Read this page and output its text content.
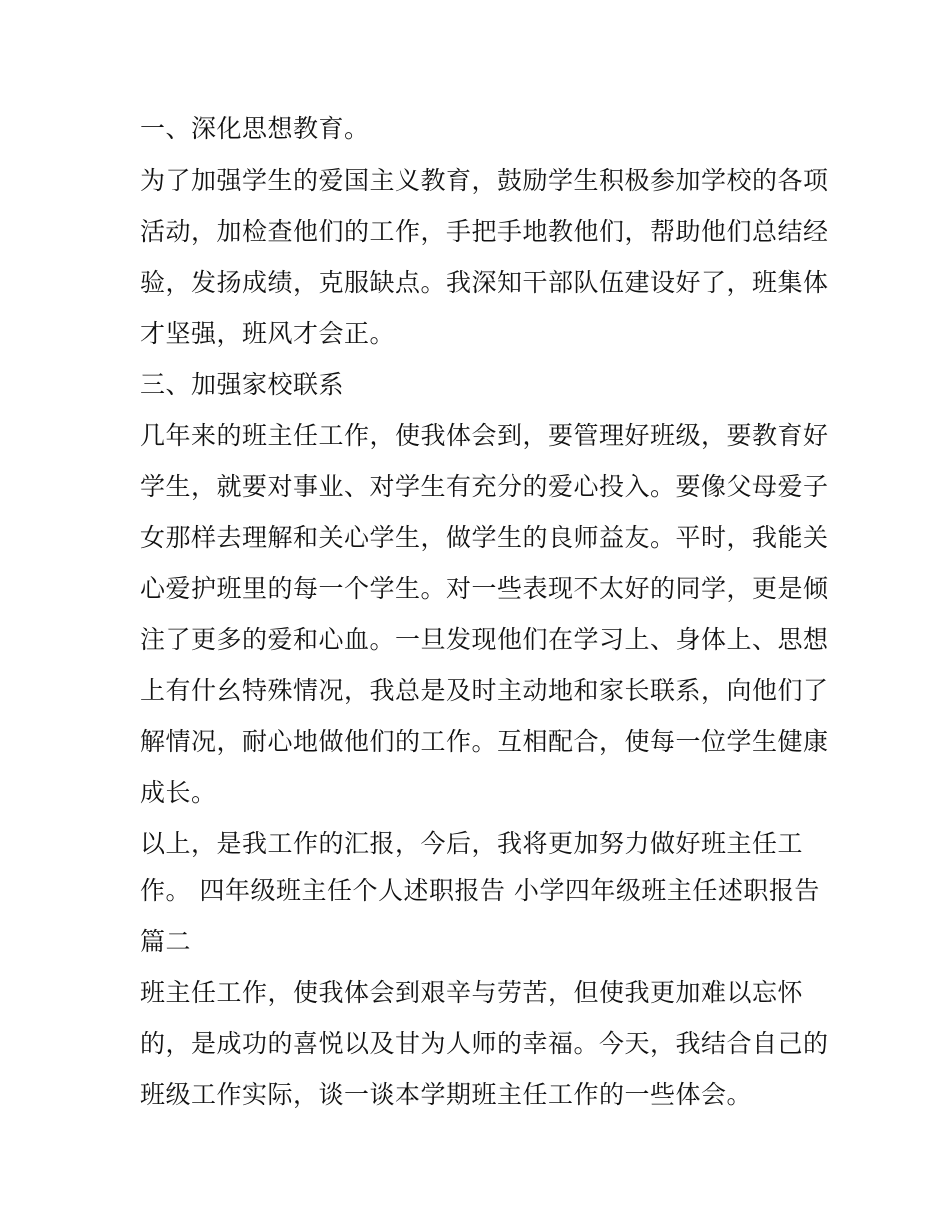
一、深化思想教育。
为了加强学生的爱国主义教育，鼓励学生积极参加学校的各项
活动，加检查他们的工作，手把手地教他们，帮助他们总结经
验，发扬成绩，克服缺点。我深知干部队伍建设好了，班集体
才坚强，班风才会正。
三、加强家校联系
几年来的班主任工作，使我体会到，要管理好班级，要教育好
学生，就要对事业、对学生有充分的爱心投入。要像父母爱子
女那样去理解和关心学生，做学生的良师益友。平时，我能关
心爱护班里的每一个学生。对一些表现不太好的同学，更是倾
注了更多的爱和心血。一旦发现他们在学习上、身体上、思想
上有什幺特殊情况，我总是及时主动地和家长联系，向他们了
解情况，耐心地做他们的工作。互相配合，使每一位学生健康
成长。
以上，是我工作的汇报，今后，我将更加努力做好班主任工
作。 四年级班主任个人述职报告 小学四年级班主任述职报告
篇二
班主任工作，使我体会到艰辛与劳苦，但使我更加难以忘怀
的，是成功的喜悦以及甘为人师的幸福。今天，我结合自己的
班级工作实际，谈一谈本学期班主任工作的一些体会。
